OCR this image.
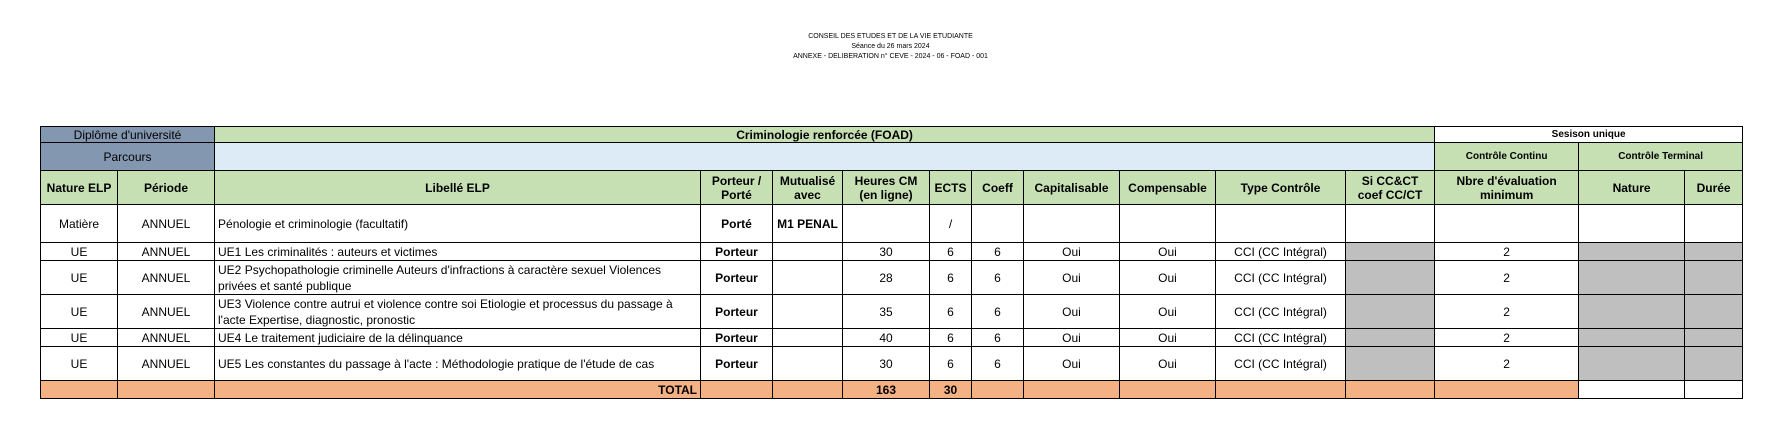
CONSEIL DES ETUDES ET DE LA VIE ETUDIANTE
Séance du 26 mars 2024
ANNEXE - DELIBERATION n° CEVE - 2024 - 06 - FOAD - 001
Diplôme d'université		Criminologie renforcée (FOAD)										Sesison unique		
Parcours												Contrôle Continu	Contrôle Terminal	
Nature ELP	Période	Libellé ELP	Porteur / Porté	Mutualisé avec	Heures CM (en ligne)	ECTS	Coeff	Capitalisable	Compensable	Type Contrôle	Si CC&CT coef CC/CT	Nbre d'évaluation minimum	Nature	Durée
Matière	ANNUEL	Pénologie et criminologie (facultatif)	Porté	M1 PENAL		/								
UE	ANNUEL	UE1 Les criminalités : auteurs et victimes	Porteur		30	6	6	Oui	Oui	CCI (CC Intégral)		2		
UE	ANNUEL	UE2 Psychopathologie criminelle Auteurs d'infractions à caractère sexuel Violences privées et santé publique	Porteur		28	6	6	Oui	Oui	CCI (CC Intégral)		2		
UE	ANNUEL	UE3 Violence contre autrui et violence contre soi Etiologie et processus du passage à l'acte Expertise, diagnostic, pronostic	Porteur		35	6	6	Oui	Oui	CCI (CC Intégral)		2		
UE	ANNUEL	UE4 Le traitement judiciaire de la délinquance	Porteur		40	6	6	Oui	Oui	CCI (CC Intégral)		2		
UE	ANNUEL	UE5 Les constantes du passage à l'acte : Méthodologie pratique de l'étude de cas	Porteur		30	6	6	Oui	Oui	CCI (CC Intégral)		2		
		TOTAL			163	30								
